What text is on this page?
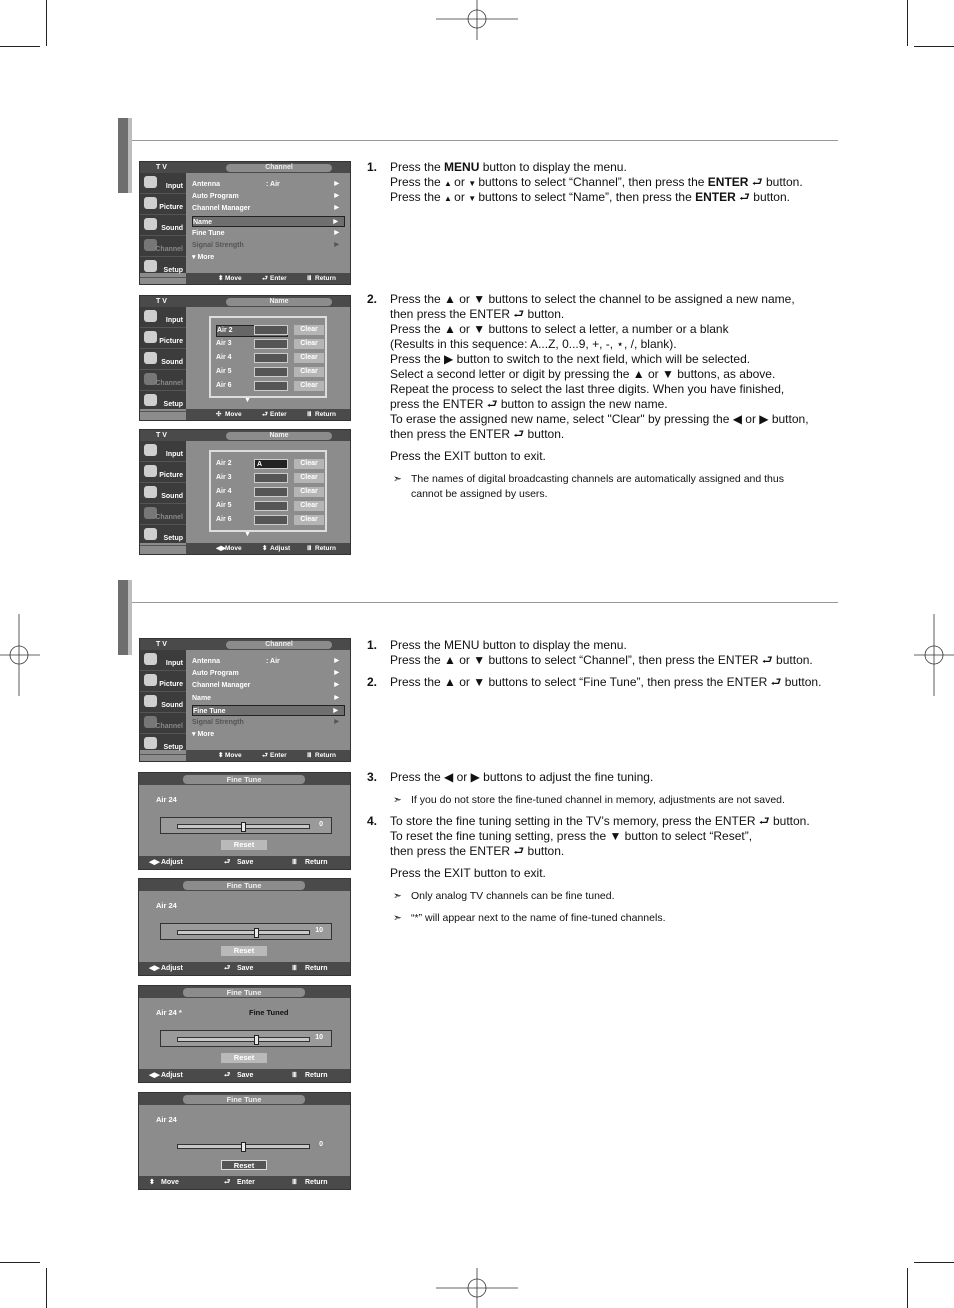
T V	Channel
Input
Picture
Sound
Channel
Setup
Antenna	: Air	▶
Auto Program	▶
Channel Manager	▶
Name	▶
Fine Tune	▶
Signal Strength	▶
▾ More
⬍ Move	⮐ Enter	Ⅲ Return
T V	Name
Input
Picture
Sound
Channel
Setup
Air 2	Clear
Air 3	Clear
Air 4	Clear
Air 5	Clear
Air 6	Clear
▼
✣ Move	⮐ Enter	Ⅲ Return
T V	Name
Input
Picture
Sound
Channel
Setup
Air 2	A	Clear
Air 3	Clear
Air 4	Clear
Air 5	Clear
Air 6	Clear
▼
◀▶ Move	⬍ Adjust	Ⅲ Return
T V	Channel
Input
Picture
Sound
Channel
Setup
Antenna	: Air	▶
Auto Program	▶
Channel Manager	▶
Name	▶
Fine Tune	▶
Signal Strength	▶
▾ More
⬍ Move	⮐ Enter	Ⅲ Return
Fine Tune
Air 24
0
Reset
◀▶ Adjust	⮐ Save	Ⅲ Return
Fine Tune
Air 24
10
Reset
◀▶ Adjust	⮐ Save	Ⅲ Return
Fine Tune
Air 24 *	Fine Tuned
10
Reset
◀▶ Adjust	⮐ Save	Ⅲ Return
Fine Tune
Air 24
0
Reset
⬍ Move	⮐ Enter	Ⅲ Return
1. Press the MENU button to display the menu.
Press the ▲ or ▼ buttons to select “Channel”, then press the ENTER ⮐ button.
Press the ▲ or ▼ buttons to select “Name”, then press the ENTER ⮐ button.
2. Press the ▲ or ▼ buttons to select the channel to be assigned a new name,
then press the ENTER ⮐ button.
Press the ▲ or ▼ buttons to select a letter, a number or a blank
(Results in this sequence: A...Z, 0...9, +, -, ⋆, /, blank).
Press the ▶ button to switch to the next field, which will be selected.
Select a second letter or digit by pressing the ▲ or ▼ buttons, as above.
Repeat the process to select the last three digits. When you have finished,
press the ENTER ⮐ button to assign the new name.
To erase the assigned new name, select "Clear" by pressing the ◀ or ▶ button,
then press the ENTER ⮐ button.
Press the EXIT button to exit.
➣ The names of digital broadcasting channels are automatically assigned and thus
cannot be assigned by users.
1. Press the MENU button to display the menu.
Press the ▲ or ▼ buttons to select “Channel”, then press the ENTER ⮐ button.
2. Press the ▲ or ▼ buttons to select “Fine Tune”, then press the ENTER ⮐ button.
3. Press the ◀ or ▶ buttons to adjust the fine tuning.
➣ If you do not store the fine-tuned channel in memory, adjustments are not saved.
4. To store the fine tuning setting in the TV’s memory, press the ENTER ⮐ button.
To reset the fine tuning setting, press the ▼ button to select “Reset”,
then press the ENTER ⮐ button.
Press the EXIT button to exit.
➣ Only analog TV channels can be fine tuned.
➣ “*” will appear next to the name of fine-tuned channels.
